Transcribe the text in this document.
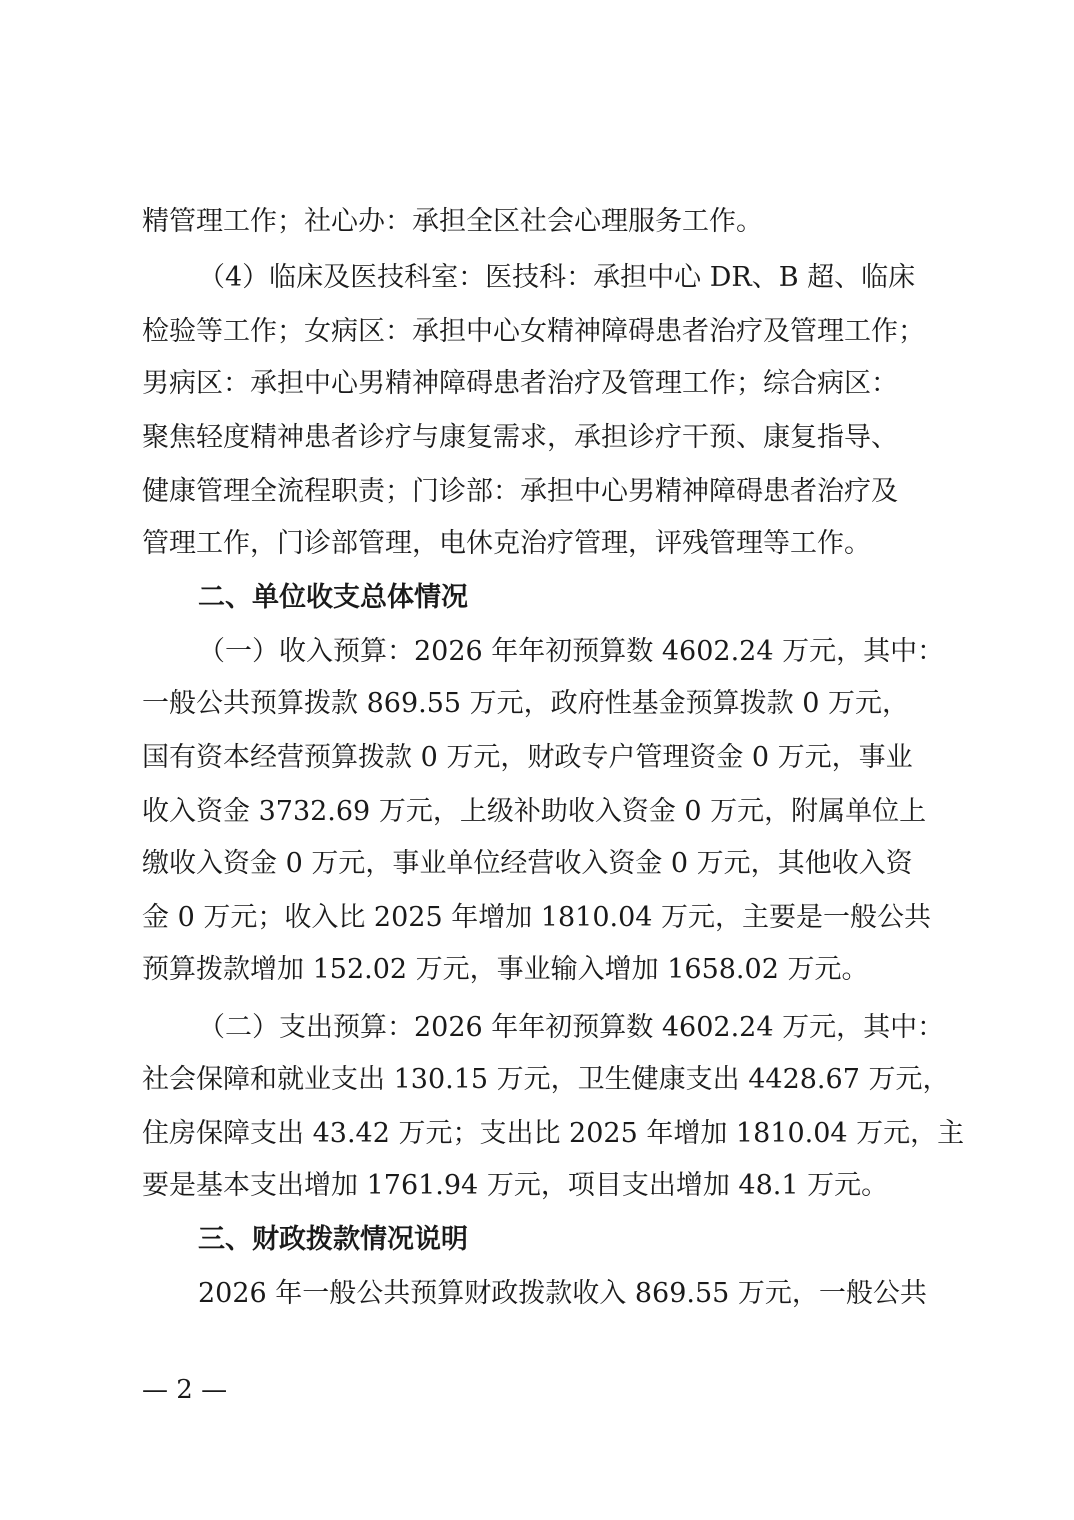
精管理工作；社心办：承担全区社会心理服务工作。
（4）临床及医技科室：医技科：承担中心 DR、B 超、临床
检验等工作；女病区：承担中心女精神障碍患者治疗及管理工作；
男病区：承担中心男精神障碍患者治疗及管理工作；综合病区：
聚焦轻度精神患者诊疗与康复需求，承担诊疗干预、康复指导、
健康管理全流程职责；门诊部：承担中心男精神障碍患者治疗及
管理工作，门诊部管理，电休克治疗管理，评残管理等工作。
二、单位收支总体情况
（一）收入预算：2026 年年初预算数 4602.24 万元，其中：
一般公共预算拨款 869.55 万元，政府性基金预算拨款 0 万元，
国有资本经营预算拨款 0 万元，财政专户管理资金 0 万元，事业
收入资金 3732.69 万元，上级补助收入资金 0 万元，附属单位上
缴收入资金 0 万元，事业单位经营收入资金 0 万元，其他收入资
金 0 万元；收入比 2025 年增加 1810.04 万元，主要是一般公共
预算拨款增加 152.02 万元，事业输入增加 1658.02 万元。
（二）支出预算：2026 年年初预算数 4602.24 万元，其中：
社会保障和就业支出 130.15 万元，卫生健康支出 4428.67 万元，
住房保障支出 43.42 万元；支出比 2025 年增加 1810.04 万元，主
要是基本支出增加 1761.94 万元，项目支出增加 48.1 万元。
三、财政拨款情况说明
2026 年一般公共预算财政拨款收入 869.55 万元，一般公共
— 2 —
